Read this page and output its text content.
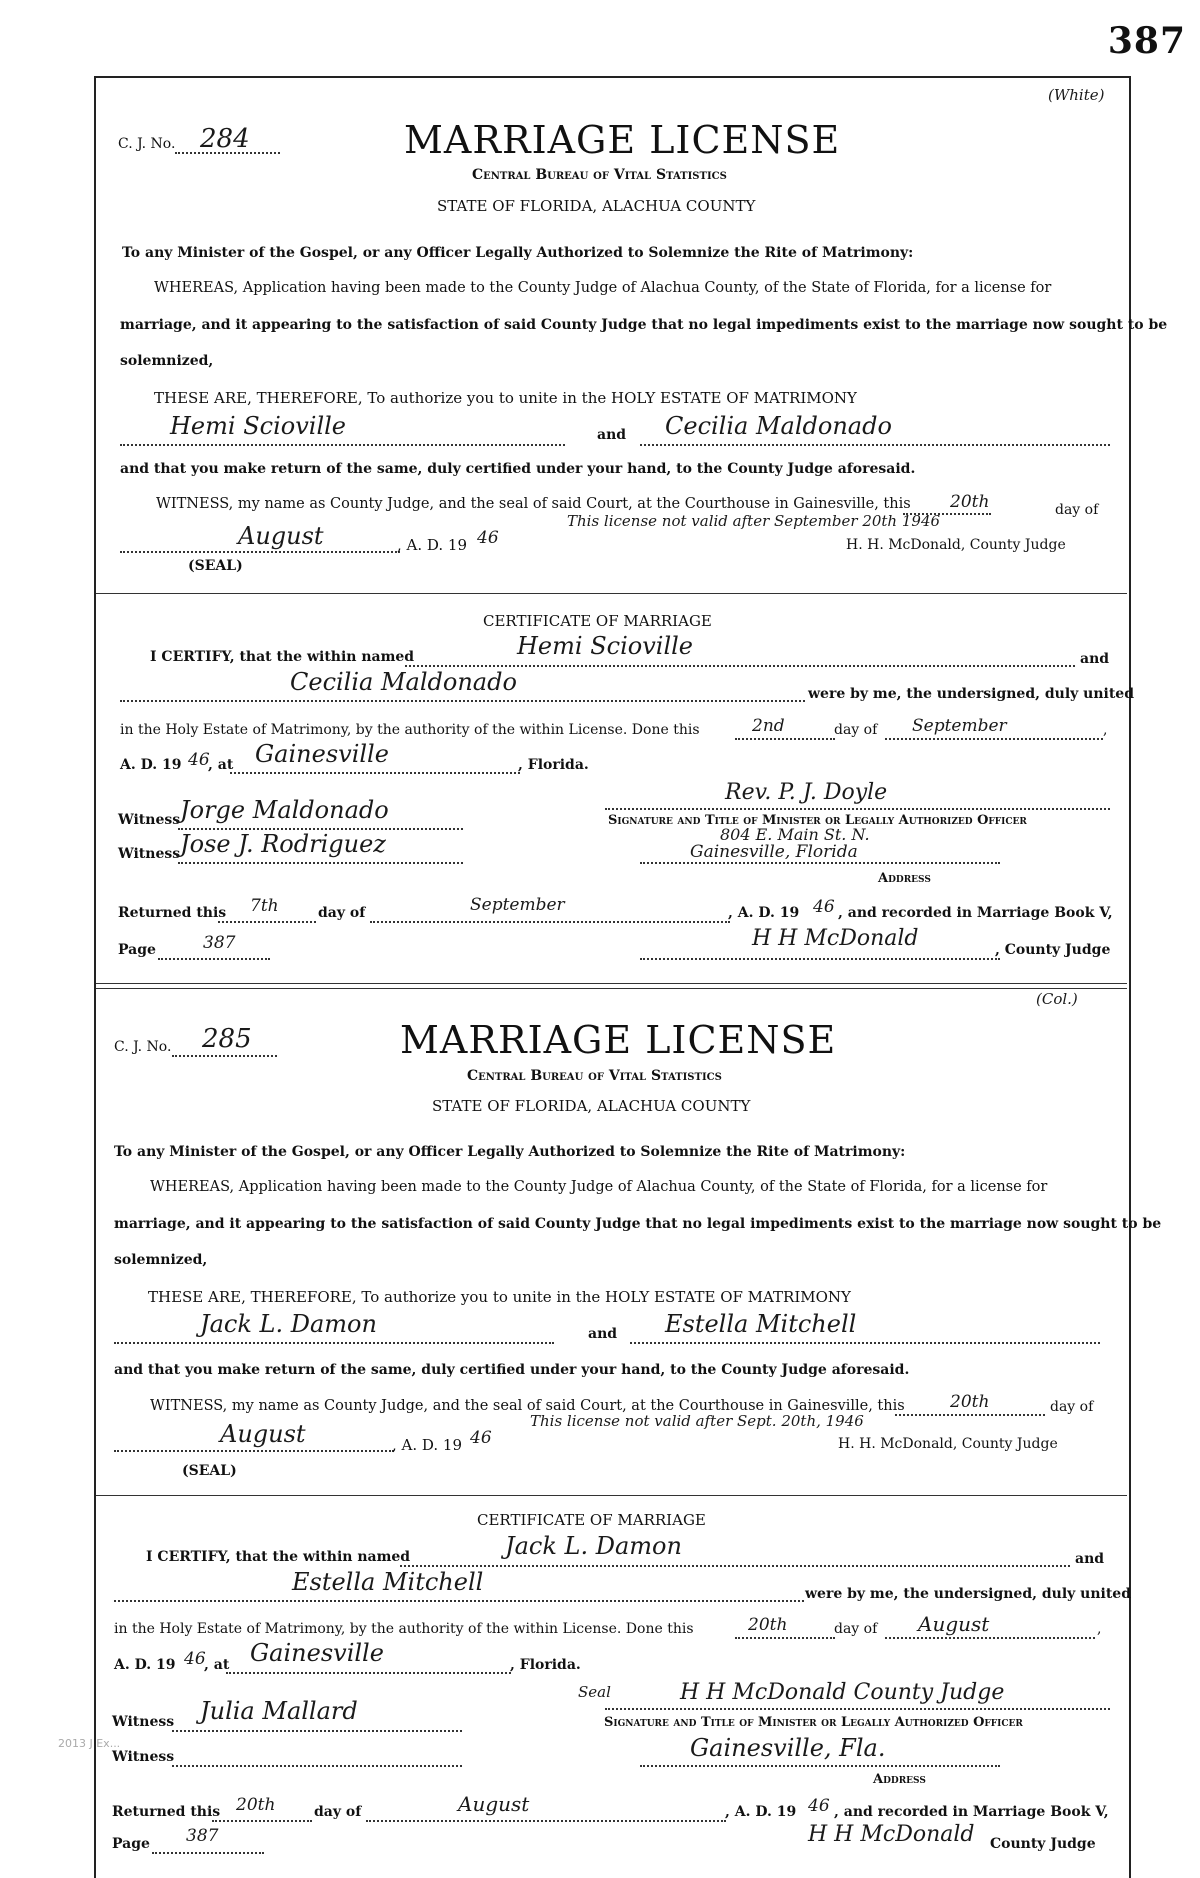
387
(White)
C. J. No. 284	MARRIAGE LICENSE
Central Bureau of Vital Statistics
STATE OF FLORIDA, ALACHUA COUNTY
To any Minister of the Gospel, or any Officer Legally Authorized to Solemnize the Rite of Matrimony:
WHEREAS, Application having been made to the County Judge of Alachua County, of the State of Florida, for a license for
marriage, and it appearing to the satisfaction of said County Judge that no legal impediments exist to the marriage now sought to be
solemnized,
THESE ARE, THEREFORE, To authorize you to unite in the HOLY ESTATE OF MATRIMONY
Hemi Scioville	and Cecilia Maldonado
and that you make return of the same, duly certified under your hand, to the County Judge aforesaid.
WITNESS, my name as County Judge, and the seal of said Court, at the Courthouse in Gainesville, this 20th	day of
This license not valid after September 20th 1946
August	, A. D. 19 46	H. H. McDonald, County Judge
(SEAL)
CERTIFICATE OF MARRIAGE
I CERTIFY, that the within named	Hemi Scioville	and
Cecilia Maldonado	were by me, the undersigned, duly united
in the Holy Estate of Matrimony, by the authority of the within License. Done this	2nd	day of September	,
A. D. 19 46
, at Gainesville	, Florida.
Rev. P. J. Doyle
Witness Jorge Maldonado	Signature and Title of Minister or Legally Authorized Officer
804 E. Main St. N.
Witness Jose J. Rodriguez	Gainesville, Florida
Address
Returned this 7th	day of	September	, A. D. 19 46 , and recorded in Marriage Book V,
Page	387	H H McDonald	, County Judge
(Col.)
C. J. No. 285	MARRIAGE LICENSE
Central Bureau of Vital Statistics
STATE OF FLORIDA, ALACHUA COUNTY
To any Minister of the Gospel, or any Officer Legally Authorized to Solemnize the Rite of Matrimony:
WHEREAS, Application having been made to the County Judge of Alachua County, of the State of Florida, for a license for
marriage, and it appearing to the satisfaction of said County Judge that no legal impediments exist to the marriage now sought to be
solemnized,
THESE ARE, THEREFORE, To authorize you to unite in the HOLY ESTATE OF MATRIMONY
Jack L. Damon	and Estella Mitchell
and that you make return of the same, duly certified under your hand, to the County Judge aforesaid.
WITNESS, my name as County Judge, and the seal of said Court, at the Courthouse in Gainesville, this	20th	day of
This license not valid after Sept. 20th, 1946
August	, A. D. 19 46	H. H. McDonald, County Judge
(SEAL)
CERTIFICATE OF MARRIAGE
I CERTIFY, that the within named	Jack L. Damon	and
Estella Mitchell	were by me, the undersigned, duly united
in the Holy Estate of Matrimony, by the authority of the within License. Done this	20th	day of August	,
A. D. 19 46
, at Gainesville	, Florida.
Seal	H H McDonald County Judge
Witness Julia Mallard	Signature and Title of Minister or Legally Authorized Officer
Witness	Gainesville, Fla.
Address
Returned this 20th	day of	August	, A. D. 19 46 , and recorded in Marriage Book V,
Page 387	H H McDonald County Judge
2013 J Ex...
